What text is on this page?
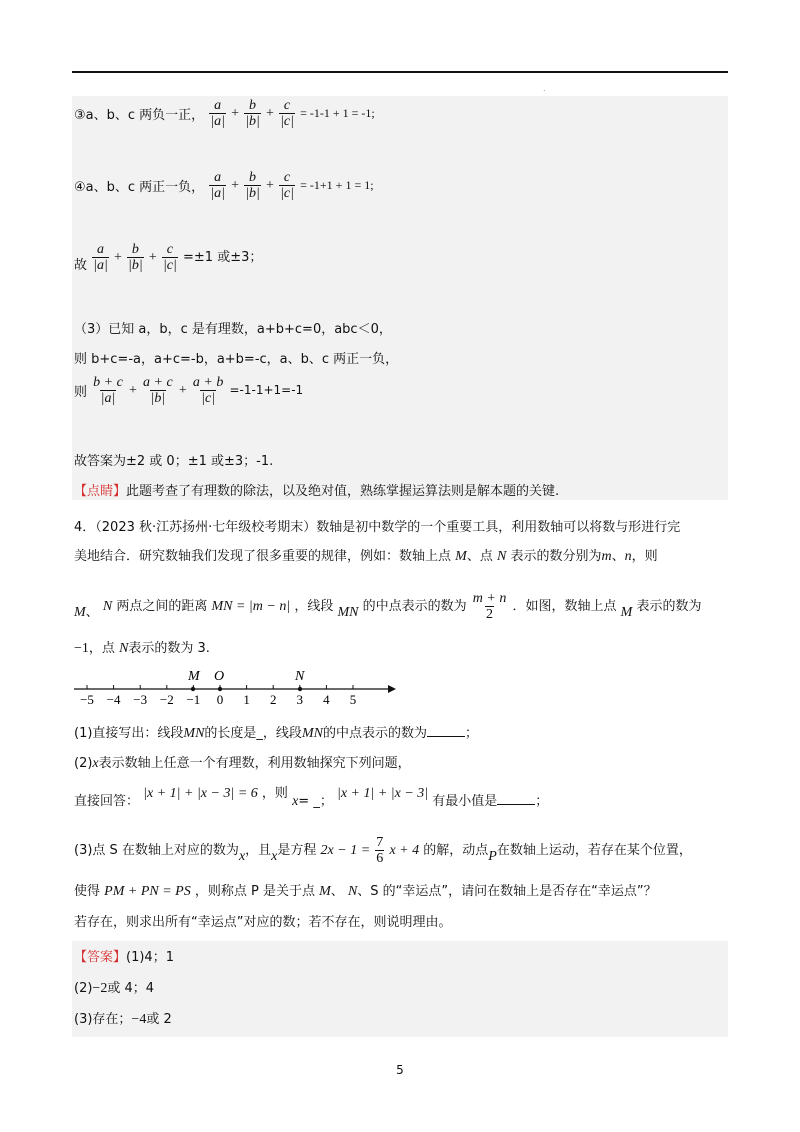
.
③a、b、c 两负一正， $\frac{a}{|a|} + \frac{b}{|b|} + \frac{c}{|c|} = -1-1 + 1 = -1$;
④a、b、c 两正一负， $\frac{a}{|a|} + \frac{b}{|b|} + \frac{c}{|c|} = -1+1 + 1 = 1$;
故 $\frac{a}{|a|} + \frac{b}{|b|} + \frac{c}{|c|} =\pm 1$ 或±3；
（3）已知 a，b，c 是有理数，a+b+c=0，abc＜0，
则 b+c=-a，a+c=-b，a+b=-c，a、b、c 两正一负，
则 $\frac{b + c}{|a|} + \frac{a + c}{|b|} + \frac{a + b}{|c|} =-1-1+1=-1$
故答案为±2 或 0；±1 或±3；-1.
【点睛】此题考查了有理数的除法，以及绝对值，熟练掌握运算法则是解本题的关键.
4．（2023 秋·江苏扬州·七年级校考期末）数轴是初中数学的一个重要工具，利用数轴可以将数与形进行完
美地结合．研究数轴我们发现了很多重要的规律，例如：数轴上点 M、点 N 表示的数分别为m、n，则
M、 N 两点之间的距离 MN = |m − n| ，线段 MN 的中点表示的数为 $\frac{m + n}{2}$ ．如图，数轴上点 M 表示的数为
−1，点 N表示的数为 3.
−5 −4 −3 −2 −1 0 1 2 3 4 5
M O	N
(1)直接写出：线段MN的长度是_，线段MN的中点表示的数为	；
(2)x表示数轴上任意一个有理数，利用数轴探究下列问题，
直接回答： |x + 1| + |x − 3| = 6 ，则 x= _； |x + 1| + |x − 3| 有最小值是	；
(3)点 S 在数轴上对应的数为x，且x是方程 $2x - 1 = \frac{7}{6}$ x + 4 的解，动点P在数轴上运动，若存在某个位置，
使得 PM + PN = PS ，则称点 P 是关于点 M、 N、S 的“幸运点”，请问在数轴上是否存在“幸运点”？
若存在，则求出所有“幸运点”对应的数；若不存在，则说明理由。
【答案】(1)4；1
(2)−2或 4；4
(3)存在；−4或 2
5
